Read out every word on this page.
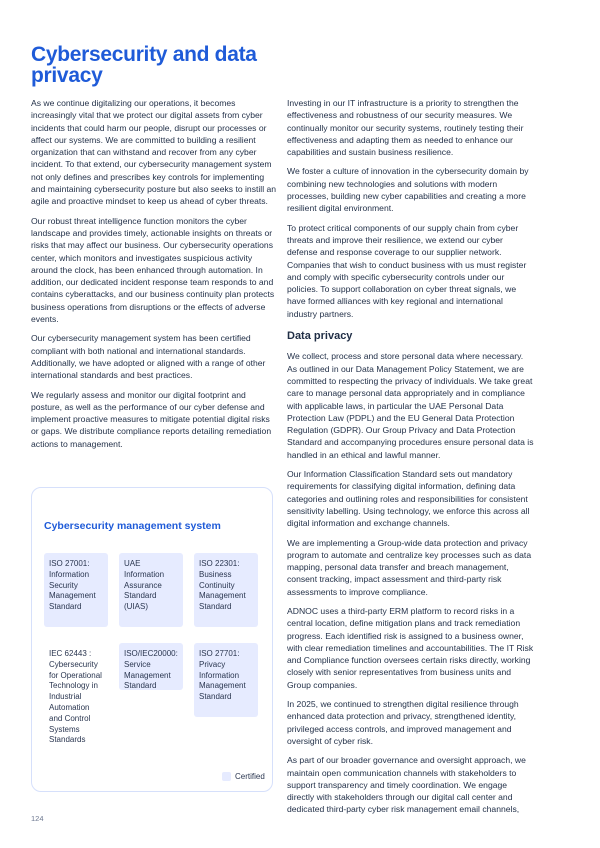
Cybersecurity and data privacy

As we continue digitalizing our operations, it becomes increasingly vital that we protect our digital assets from cyber incidents that could harm our people, disrupt our processes or affect our systems. We are committed to building a resilient organization that can withstand and recover from any cyber incident. To that extend, our cybersecurity management system not only defines and prescribes key controls for implementing and maintaining cybersecurity posture but also seeks to instill an agile and proactive mindset to keep us ahead of cyber threats.

Our robust threat intelligence function monitors the cyber landscape and provides timely, actionable insights on threats or risks that may affect our business. Our cybersecurity operations center, which monitors and investigates suspicious activity around the clock, has been enhanced through automation. In addition, our dedicated incident response team responds to and contains cyberattacks, and our business continuity plan protects business operations from disruptions or the effects of adverse events.

Our cybersecurity management system has been certified compliant with both national and international standards. Additionally, we have adopted or aligned with a range of other international standards and best practices.

We regularly assess and monitor our digital footprint and posture, as well as the performance of our cyber defense and implement proactive measures to mitigate potential digital risks or gaps. We distribute compliance reports detailing remediation actions to management.

Investing in our IT infrastructure is a priority to strengthen the effectiveness and robustness of our security measures. We continually monitor our security systems, routinely testing their effectiveness and adapting them as needed to enhance our capabilities and sustain business resilience.

We foster a culture of innovation in the cybersecurity domain by combining new technologies and solutions with modern processes, building new cyber capabilities and creating a more resilient digital environment.

To protect critical components of our supply chain from cyber threats and improve their resilience, we extend our cyber defense and response coverage to our supplier network. Companies that wish to conduct business with us must register and comply with specific cybersecurity controls under our policies. To support collaboration on cyber threat signals, we have formed alliances with key regional and international industry partners.

Data privacy

We collect, process and store personal data where necessary. As outlined in our Data Management Policy Statement, we are committed to respecting the privacy of individuals. We take great care to manage personal data appropriately and in compliance with applicable laws, in particular the UAE Personal Data Protection Law (PDPL) and the EU General Data Protection Regulation (GDPR). Our Group Privacy and Data Protection Standard and accompanying procedures ensure personal data is handled in an ethical and lawful manner.

Our Information Classification Standard sets out mandatory requirements for classifying digital information, defining data categories and outlining roles and responsibilities for consistent sensitivity labelling. Using technology, we enforce this across all digital information and exchange channels.

We are implementing a Group-wide data protection and privacy program to automate and centralize key processes such as data mapping, personal data transfer and breach management, consent tracking, impact assessment and third-party risk assessments to improve compliance.

ADNOC uses a third-party ERM platform to record risks in a central location, define mitigation plans and track remediation progress. Each identified risk is assigned to a business owner, with clear remediation timelines and accountabilities. The IT Risk and Compliance function oversees certain risks directly, working closely with senior representatives from business units and Group companies.

In 2025, we continued to strengthen digital resilience through enhanced data protection and privacy, strengthened identity, privileged access controls, and improved management and oversight of cyber risk.

As part of our broader governance and oversight approach, we maintain open communication channels with stakeholders to support transparency and timely coordination. We engage directly with stakeholders through our digital call center and dedicated third-party cyber risk management email channels,

Cybersecurity management system
ISO 27001: Information Security Management Standard
UAE Information Assurance Standard (UIAS)
ISO 22301: Business Continuity Management Standard
IEC 62443 : Cybersecurity for Operational Technology in Industrial Automation and Control Systems Standards
ISO/IEC20000: Service Management Standard
ISO 27701: Privacy Information Management Standard
Certified
124
